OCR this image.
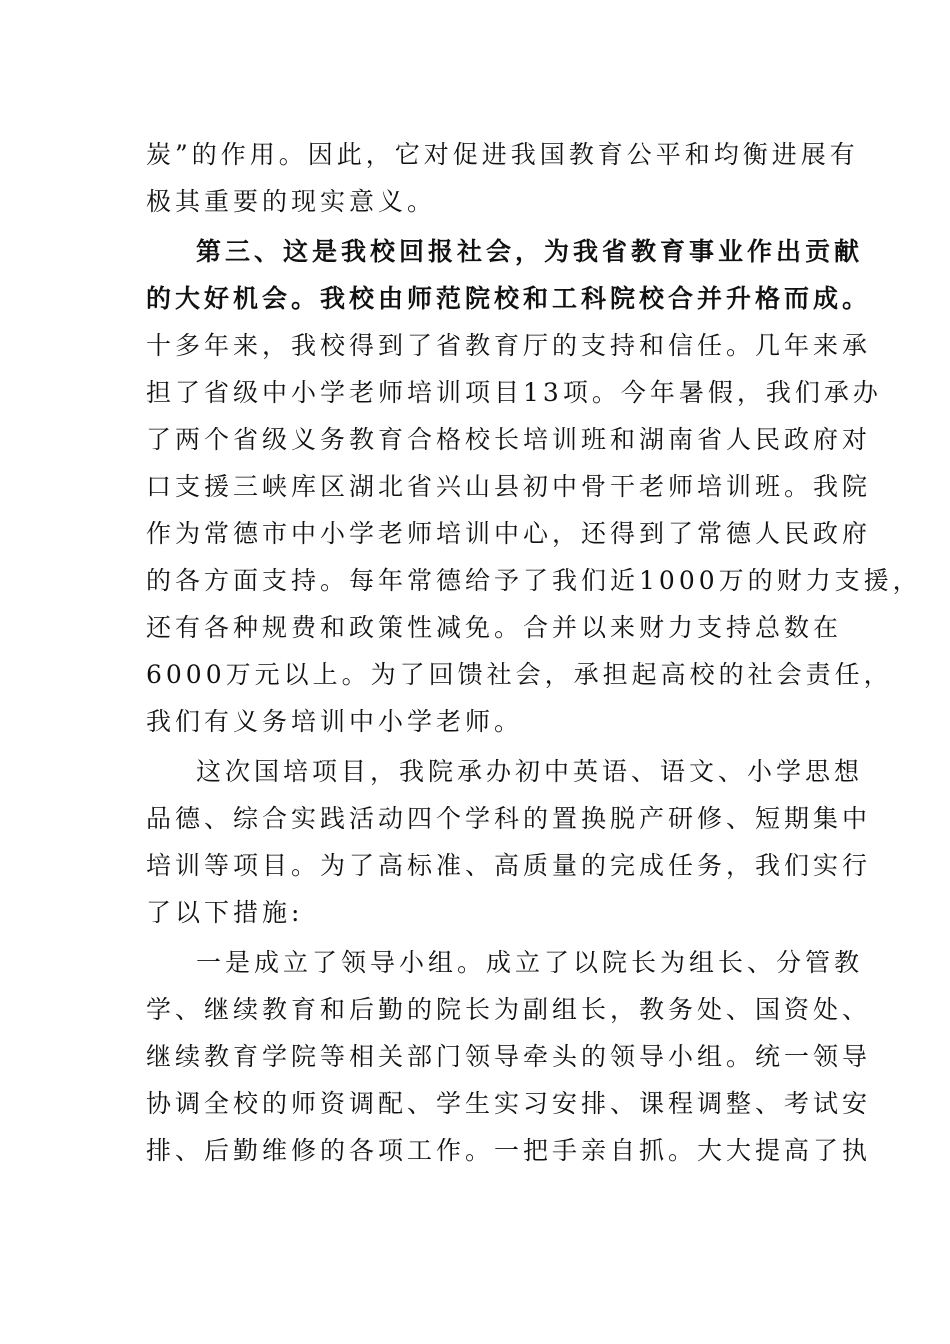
炭”的作用。因此，它对促进我国教育公平和均衡进展有
极其重要的现实意义。
第三、这是我校回报社会，为我省教育事业作出贡献
的大好机会。我校由师范院校和工科院校合并升格而成。
十多年来，我校得到了省教育厅的支持和信任。几年来承
担了省级中小学老师培训项目13项。今年暑假，我们承办
了两个省级义务教育合格校长培训班和湖南省人民政府对
口支援三峡库区湖北省兴山县初中骨干老师培训班。我院
作为常德市中小学老师培训中心，还得到了常德人民政府
的各方面支持。每年常德给予了我们近1000万的财力支援，
还有各种规费和政策性减免。合并以来财力支持总数在
6000万元以上。为了回馈社会，承担起高校的社会责任，
我们有义务培训中小学老师。
这次国培项目，我院承办初中英语、语文、小学思想
品德、综合实践活动四个学科的置换脱产研修、短期集中
培训等项目。为了高标准、高质量的完成任务，我们实行
了以下措施:
一是成立了领导小组。成立了以院长为组长、分管教
学、继续教育和后勤的院长为副组长，教务处、国资处、
继续教育学院等相关部门领导牵头的领导小组。统一领导
协调全校的师资调配、学生实习安排、课程调整、考试安
排、后勤维修的各项工作。一把手亲自抓。大大提高了执
